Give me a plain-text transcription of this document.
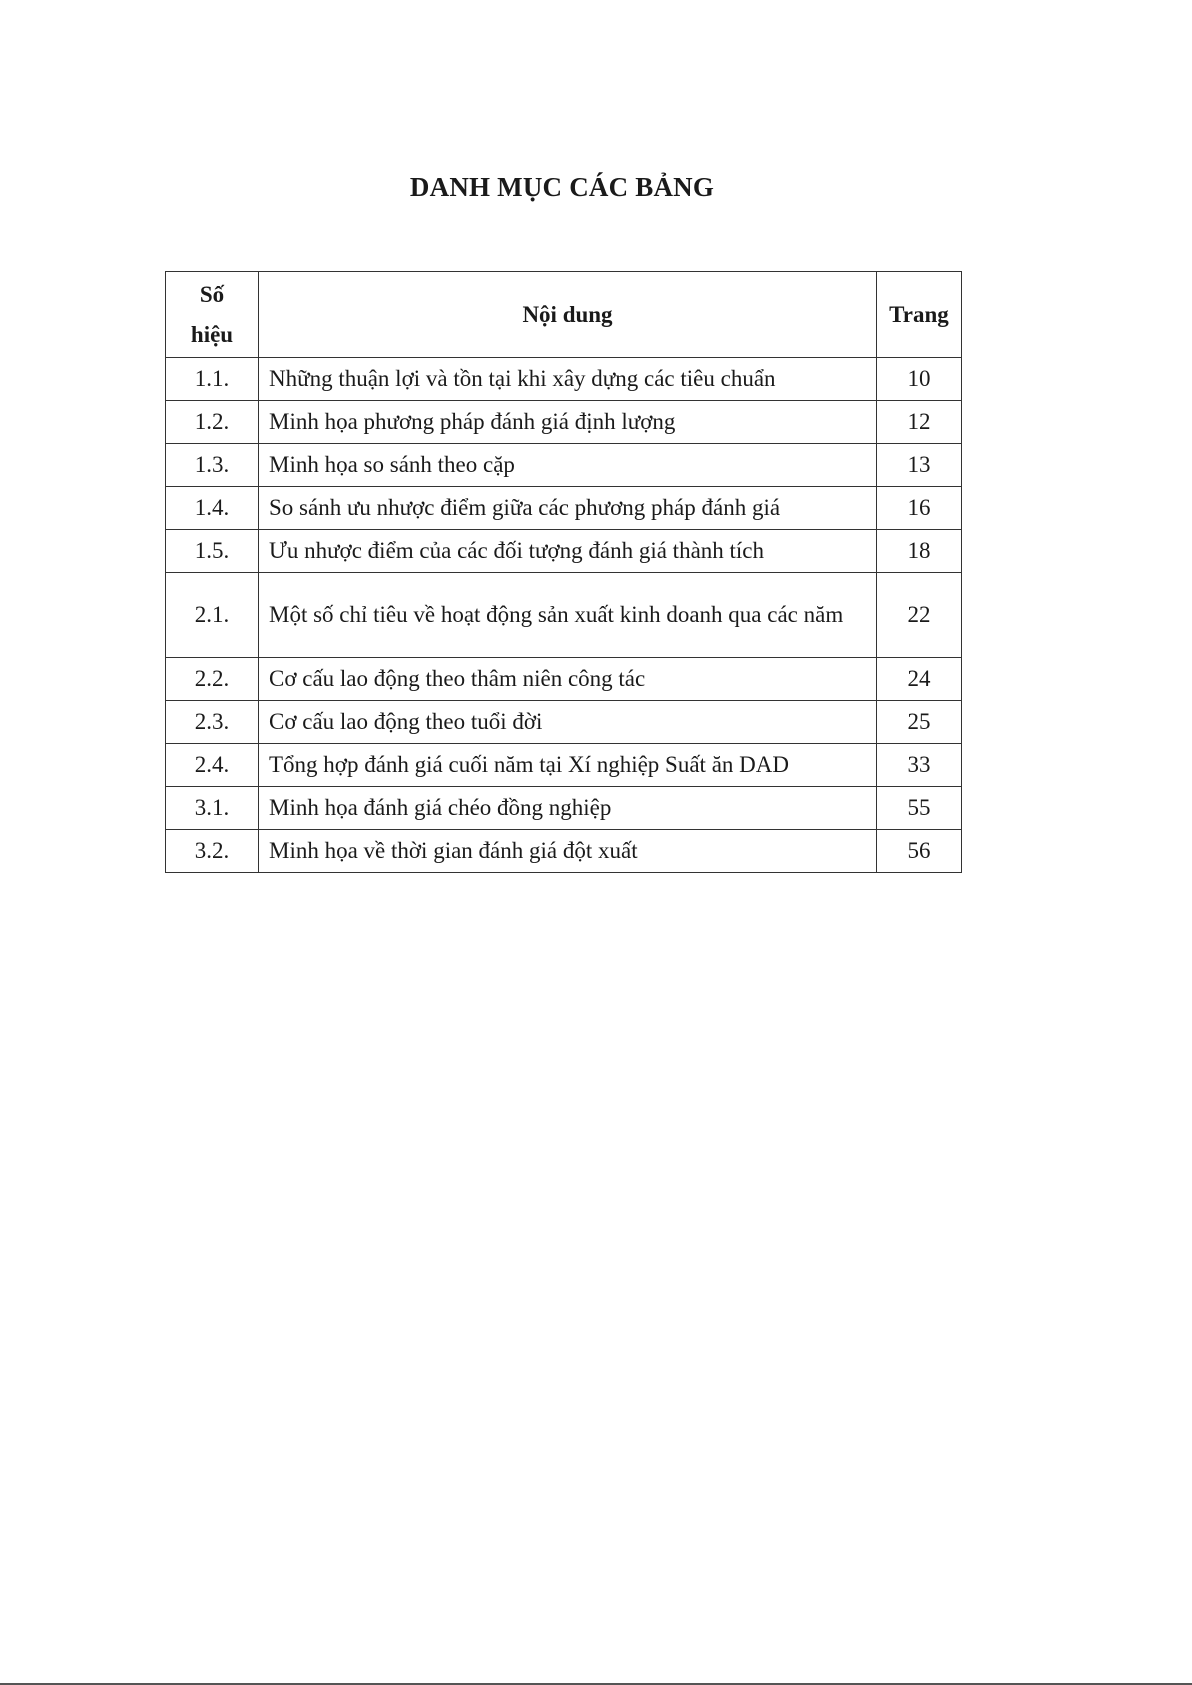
DANH MỤC CÁC BẢNG
Số
hiệu	Nội dung	Trang
1.1.	Những thuận lợi và tồn tại khi xây dựng các tiêu chuẩn	10
1.2.	Minh họa phương pháp đánh giá định lượng	12
1.3.	Minh họa so sánh theo cặp	13
1.4.	So sánh ưu nhược điểm giữa các phương pháp đánh giá	16
1.5.	Ưu nhược điểm của các đối tượng đánh giá thành tích	18
2.1.	Một số chỉ tiêu về hoạt động sản xuất kinh doanh qua các năm	22
2.2.	Cơ cấu lao động theo thâm niên công tác	24
2.3.	Cơ cấu lao động theo tuổi đời	25
2.4.	Tổng hợp đánh giá cuối năm tại Xí nghiệp Suất ăn DAD	33
3.1.	Minh họa đánh giá chéo đồng nghiệp	55
3.2.	Minh họa về thời gian đánh giá đột xuất	56
